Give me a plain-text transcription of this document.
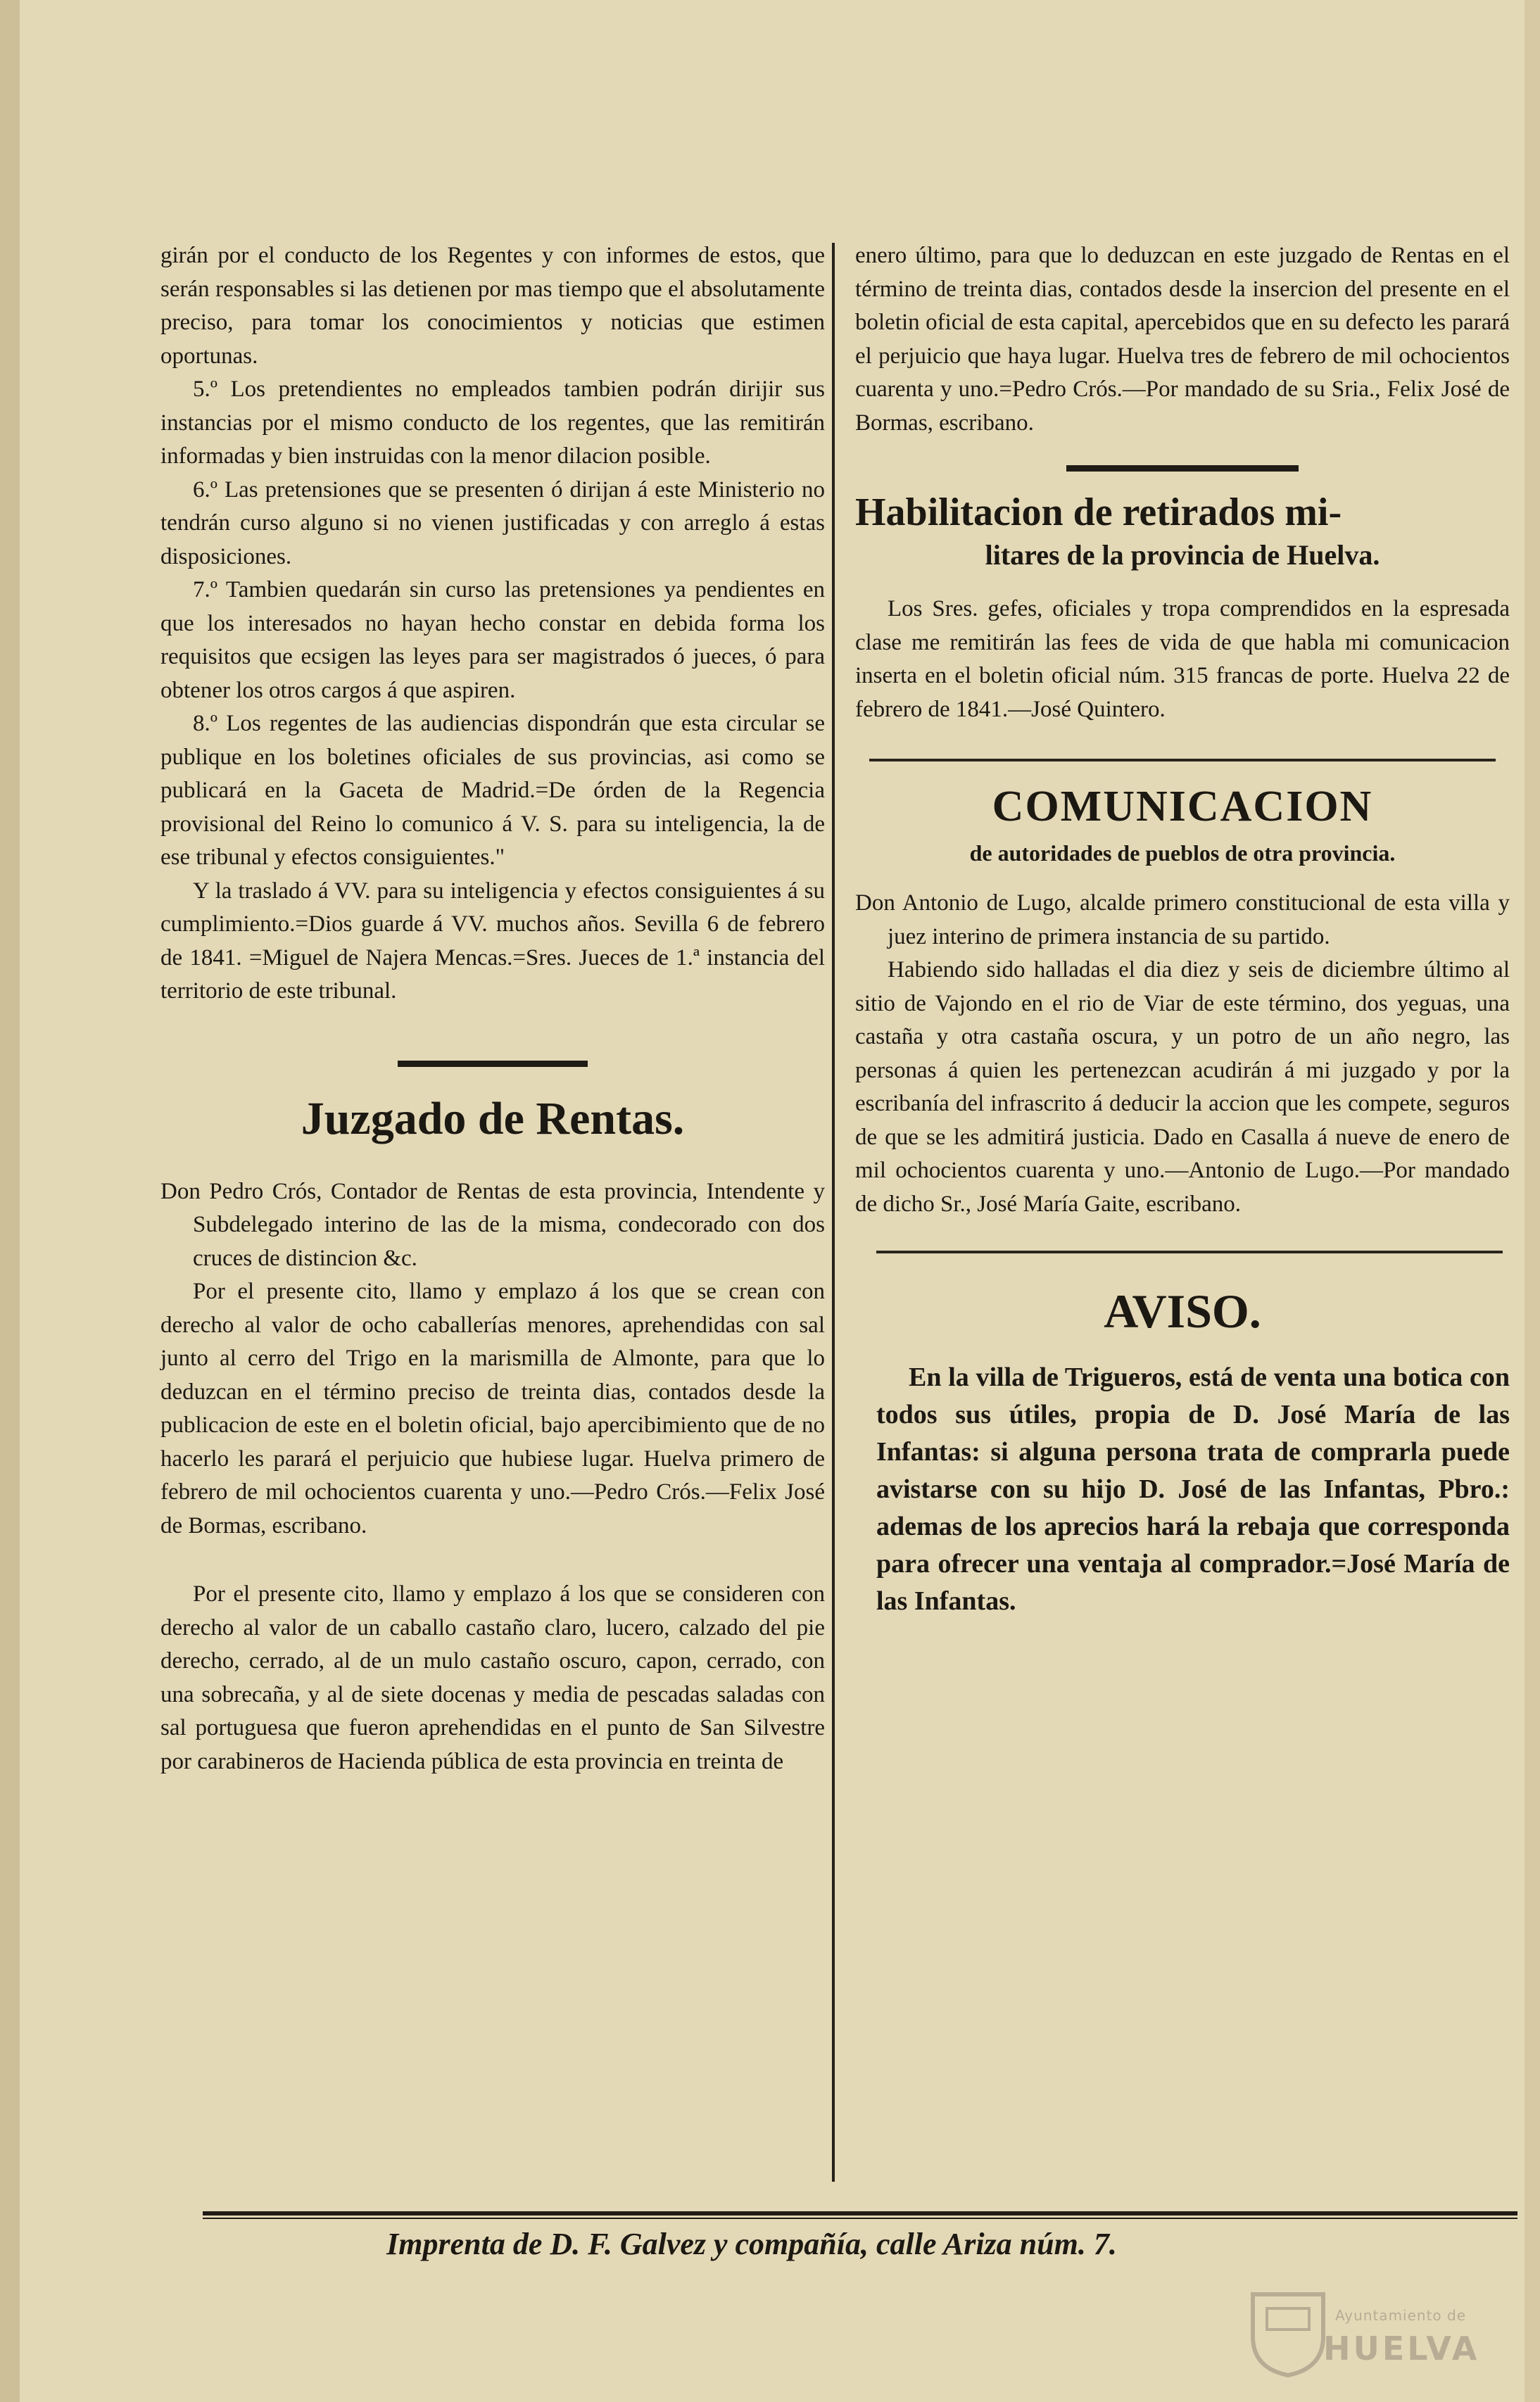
girán por el conducto de los Regentes y con informes de estos, que serán responsables si las detienen por mas tiempo que el absolutamente preciso, para tomar los conocimientos y noticias que estimen oportunas.

5.º Los pretendientes no empleados tambien podrán dirijir sus instancias por el mismo conducto de los regentes, que las remitirán informadas y bien instruidas con la menor dilacion posible.

6.º Las pretensiones que se presenten ó dirijan á este Ministerio no tendrán curso alguno si no vienen justificadas y con arreglo á estas disposiciones.

7.º Tambien quedarán sin curso las pretensiones ya pendientes en que los interesados no hayan hecho constar en debida forma los requisitos que ecsigen las leyes para ser magistrados ó jueces, ó para obtener los otros cargos á que aspiren.

8.º Los regentes de las audiencias dispondrán que esta circular se publique en los boletines oficiales de sus provincias, asi como se publicará en la Gaceta de Madrid.=De órden de la Regencia provisional del Reino lo comunico á V. S. para su inteligencia, la de ese tribunal y efectos consiguientes."

Y la traslado á VV. para su inteligencia y efectos consiguientes á su cumplimiento.=Dios guarde á VV. muchos años. Sevilla 6 de febrero de 1841. =Miguel de Najera Mencas.=Sres. Jueces de 1.ª instancia del territorio de este tribunal.

Juzgado de Rentas.

Don Pedro Crós, Contador de Rentas de esta provincia, Intendente y Subdelegado interino de las de la misma, condecorado con dos cruces de distincion &c.

Por el presente cito, llamo y emplazo á los que se crean con derecho al valor de ocho caballerías menores, aprehendidas con sal junto al cerro del Trigo en la marismilla de Almonte, para que lo deduzcan en el término preciso de treinta dias, contados desde la publicacion de este en el boletin oficial, bajo apercibimiento que de no hacerlo les parará el perjuicio que hubiese lugar. Huelva primero de febrero de mil ochocientos cuarenta y uno.—Pedro Crós.—Felix José de Bormas, escribano.

Por el presente cito, llamo y emplazo á los que se consideren con derecho al valor de un caballo castaño claro, lucero, calzado del pie derecho, cerrado, al de un mulo castaño oscuro, capon, cerrado, con una sobrecaña, y al de siete docenas y media de pescadas saladas con sal portuguesa que fueron aprehendidas en el punto de San Silvestre por carabineros de Hacienda pública de esta provincia en treinta de

enero último, para que lo deduzcan en este juzgado de Rentas en el término de treinta dias, contados desde la insercion del presente en el boletin oficial de esta capital, apercebidos que en su defecto les parará el perjuicio que haya lugar. Huelva tres de febrero de mil ochocientos cuarenta y uno.=Pedro Crós.—Por mandado de su Sria., Felix José de Bormas, escribano.

Habilitacion de retirados mi-
litares de la provincia de Huelva.

Los Sres. gefes, oficiales y tropa comprendidos en la espresada clase me remitirán las fees de vida de que habla mi comunicacion inserta en el boletin oficial núm. 315 francas de porte. Huelva 22 de febrero de 1841.—José Quintero.

COMUNICACION
de autoridades de pueblos de otra provincia.

Don Antonio de Lugo, alcalde primero constitucional de esta villa y juez interino de primera instancia de su partido.

Habiendo sido halladas el dia diez y seis de diciembre último al sitio de Vajondo en el rio de Viar de este término, dos yeguas, una castaña y otra castaña oscura, y un potro de un año negro, las personas á quien les pertenezcan acudirán á mi juzgado y por la escribanía del infrascrito á deducir la accion que les compete, seguros de que se les admitirá justicia. Dado en Casalla á nueve de enero de mil ochocientos cuarenta y uno.—Antonio de Lugo.—Por mandado de dicho Sr., José María Gaite, escribano.

AVISO.

En la villa de Trigueros, está de venta una botica con todos sus útiles, propia de D. José María de las Infantas: si alguna persona trata de comprarla puede avistarse con su hijo D. José de las Infantas, Pbro.: ademas de los aprecios hará la rebaja que corresponda para ofrecer una ventaja al comprador.=José María de las Infantas.

Imprenta de D. F. Galvez y compañía, calle Ariza núm. 7.
Ayuntamiento de
HUELVA
